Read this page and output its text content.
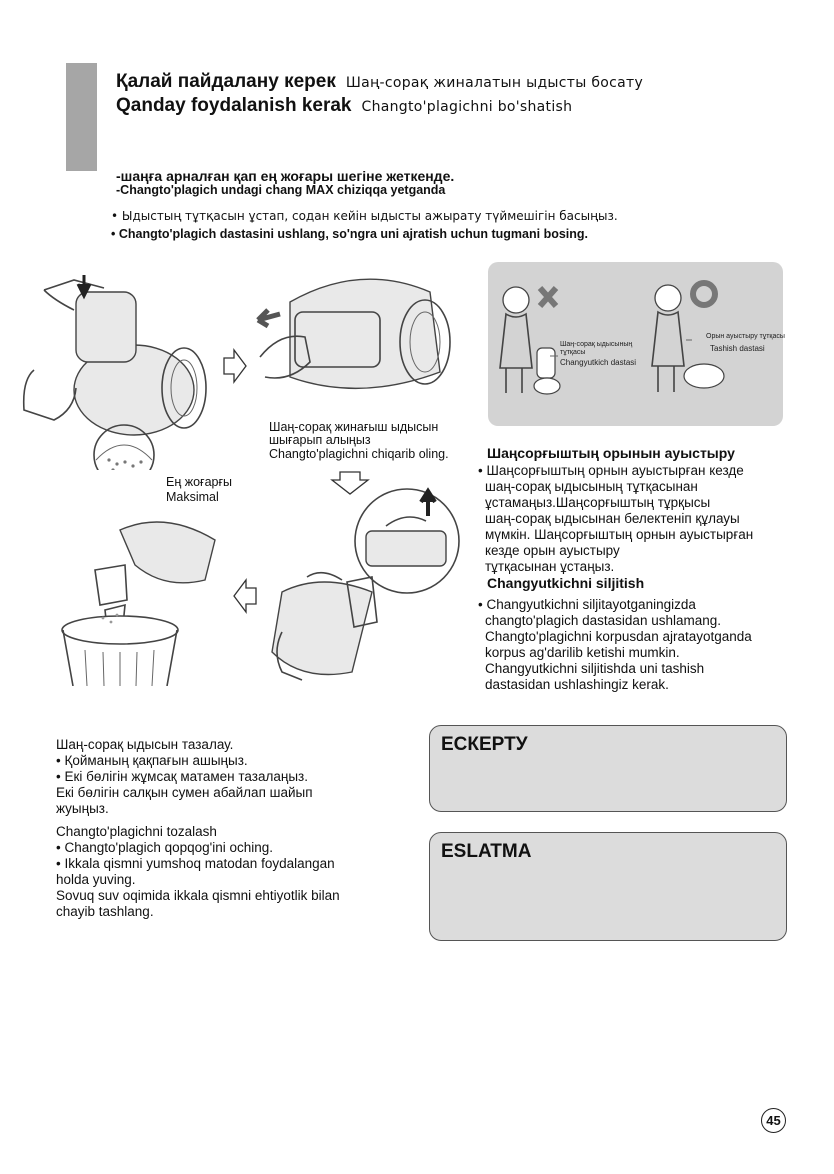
Қалай пайдалану керек Шаң-сорақ жиналатын ыдысты босату
Qanday foydalanish kerak Changto'plagichni bo'shatish
-шаңға арналған қап ең жоғары шегіне жеткенде.
-Changto'plagich undagi chang MAX chiziqqa yetganda
• Ыдыстың тұтқасын ұстап, содан кейін ыдысты ажырату түймешігін басыңыз.
• Changto'plagich dastasini ushlang, so'ngra uni ajratish uchun tugmani bosing.
Шаң-сорақ жинағыш ыдысын
шығарып алыңыз
Changto'plagichni chiqarib oling.
Ең жоғарғы
Maksimal
Шаң-сорақ ыдысының
тұтқасы
Changyutkich dastasi
Орын ауыстыру тұтқасы
Tashish dastasi
Шаңсорғыштың орынын ауыстыру
• Шаңсорғыштың орнын ауыстырған кезде
шаң-сорақ ыдысының тұтқасынан
ұстамаңыз.Шаңсорғыштың тұрқысы
шаң-сорақ ыдысынан белектеніп құлауы
мүмкін. Шаңсорғыштың орнын ауыстырған
кезде орын ауыстыру
тұтқасынан ұстаңыз.
Changyutkichni siljitish
• Changyutkichni siljitayotganingizda
changto'plagich dastasidan ushlamang.
Changto'plagichni korpusdan ajratayotganda
korpus ag'darilib ketishi mumkin.
Changyutkichni siljitishda uni tashish
dastasidan ushlashingiz kerak.
Шаң-сорақ ыдысын тазалау.
• Қойманың қақпағын ашыңыз.
• Екі бөлігін жұмсақ матамен тазалаңыз.
Екі бөлігін салқын сумен абайлап шайып
жуыңыз.
Changto'plagichni tozalash
• Changto'plagich qopqog'ini oching.
• Ikkala qismni yumshoq matodan foydalangan
holda yuving.
Sovuq suv oqimida ikkala qismni ehtiyotlik bilan
chayib tashlang.
ЕСКЕРТУ
ESLATMA
45
